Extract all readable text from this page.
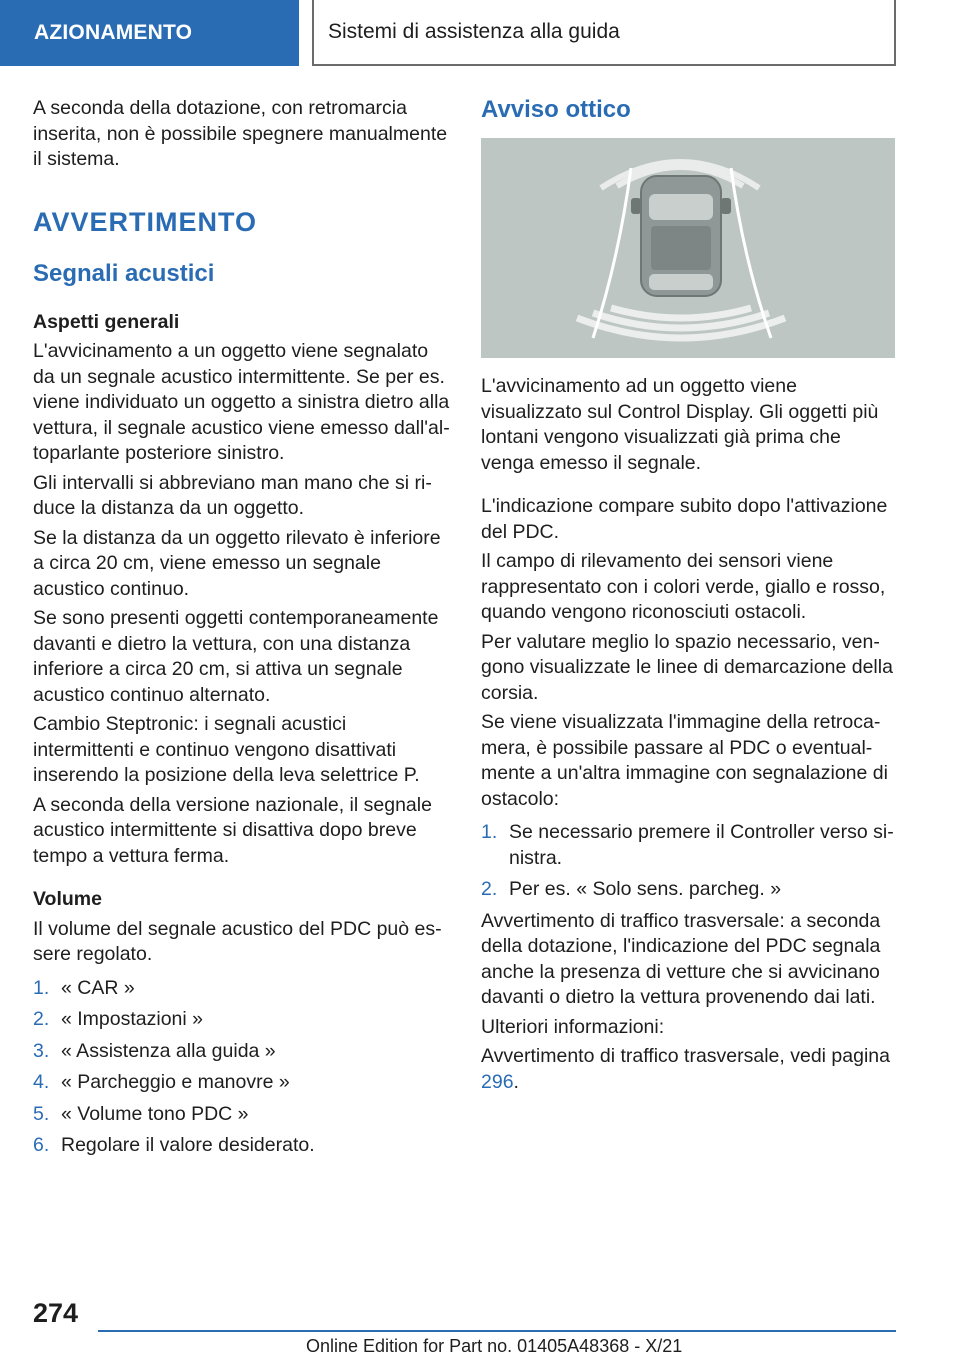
AZIONAMENTO	Sistemi di assistenza alla guida

A seconda della dotazione, con retromarcia inserita, non è possibile spegnere manualmente il sistema.

AVVERTIMENTO
Segnali acustici
Aspetti generali

L'avvicinamento a un oggetto viene segnalato da un segnale acustico intermittente. Se per es. viene individuato un oggetto a sinistra dietro alla vettura, il segnale acustico viene emesso dall'altoparlante posteriore sinistro.

Gli intervalli si abbreviano man mano che si riduce la distanza da un oggetto.

Se la distanza da un oggetto rilevato è inferiore a circa 20 cm, viene emesso un segnale acustico continuo.

Se sono presenti oggetti contemporaneamente davanti e dietro la vettura, con una distanza inferiore a circa 20 cm, si attiva un segnale acustico continuo alternato.

Cambio Steptronic: i segnali acustici intermittenti e continuo vengono disattivati inserendo la posizione della leva selettrice P.

A seconda della versione nazionale, il segnale acustico intermittente si disattiva dopo breve tempo a vettura ferma.

Volume

Il volume del segnale acustico del PDC può essere regolato.

1. « CAR »
2. « Impostazioni »
3. « Assistenza alla guida »
4. « Parcheggio e manovre »
5. « Volume tono PDC »
6. Regolare il valore desiderato.
Avviso ottico

L'avvicinamento ad un oggetto viene visualizzato sul Control Display. Gli oggetti più lontani vengono visualizzati già prima che venga emesso il segnale.

L'indicazione compare subito dopo l'attivazione del PDC.

Il campo di rilevamento dei sensori viene rappresentato con i colori verde, giallo e rosso, quando vengono riconosciuti ostacoli.

Per valutare meglio lo spazio necessario, vengono visualizzate le linee di demarcazione della corsia.

Se viene visualizzata l'immagine della retrocamera, è possibile passare al PDC o eventualmente a un'altra immagine con segnalazione di ostacolo:

1. Se necessario premere il Controller verso sinistra.
2. Per es. « Solo sens. parcheg. »

Avvertimento di traffico trasversale: a seconda della dotazione, l'indicazione del PDC segnala anche la presenza di vetture che si avvicinano davanti o dietro la vettura provenendo dai lati.

Ulteriori informazioni:

Avvertimento di traffico trasversale, vedi pagina 296.

274
Online Edition for Part no. 01405A48368 - X/21
